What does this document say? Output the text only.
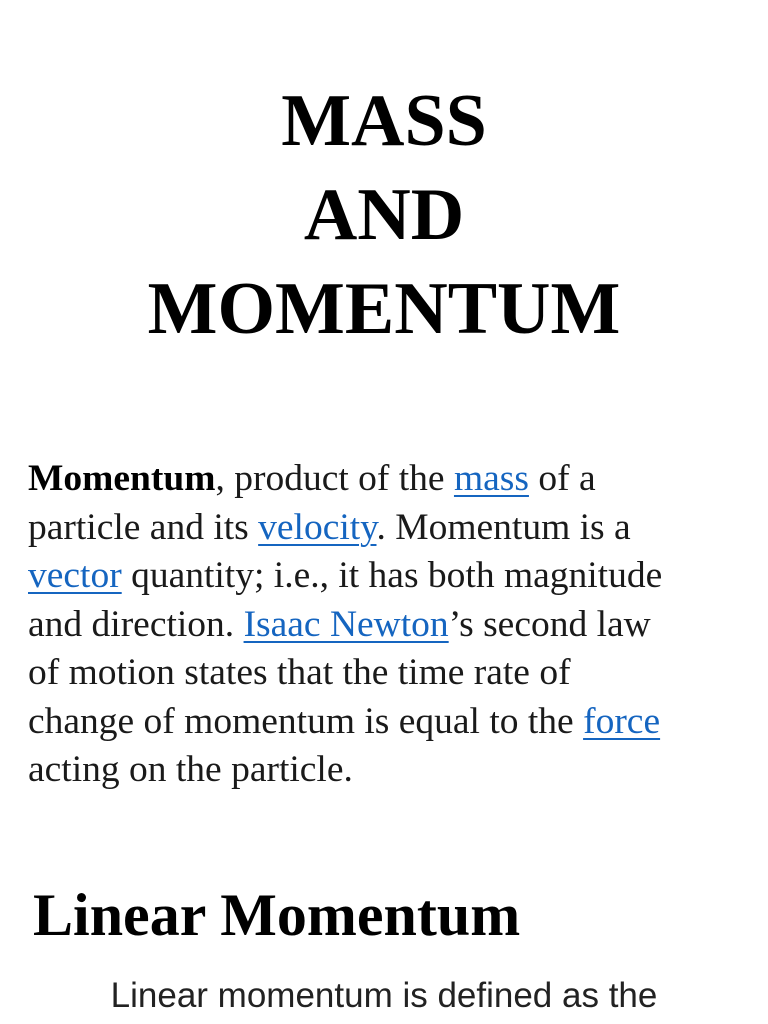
MASS
AND
MOMENTUM

Momentum, product of the mass of a
particle and its velocity. Momentum is a
vector quantity; i.e., it has both magnitude
and direction. Isaac Newton’s second law
of motion states that the time rate of
change of momentum is equal to the force
acting on the particle.

Linear Momentum

Linear momentum is defined as the
